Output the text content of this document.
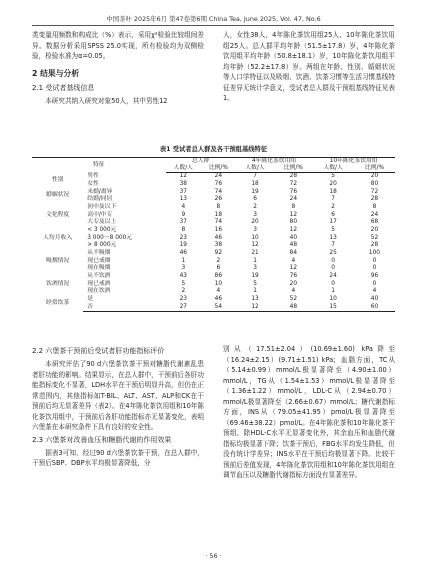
中国茶叶 2025年6月 第47卷第6期 China Tea, June 2025, Vol. 47, No.6

类变量用频数和构成比（%）表示，采用χ²检验比较组间差异。数据分析采用SPSS 25.0实现，所有检验均为双侧检验，检验水准为α=0.05。

2 结果与分析
2.1 受试者基线信息

本研究共纳入研究对象50人，其中男性12

人，女性38人，4年陈化茶饮用组25人、10年陈化茶饮用组25人。总人群平均年龄（51.5±17.8）岁，4年陈化茶饮用组平均年龄（50.8±18.1）岁，10年陈化茶饮用组平均年龄（52.2±17.8）岁。两组在年龄、性别、婚姻状况等人口学特征以及吸烟、饮酒、饮茶习惯等生活习惯基线特征差异无统计学意义，受试者总人群及干预组基线特征见表1。

表1 受试者总人群及各干预组基线特征
特征		总人群		4年陈化茶饮用组		10年陈化茶饮用组	
		人数/人	比例/%	人数/人	比例/%	人数/人	比例/%
性别	男性	12	24	7	28	5	20
	女性	38	76	18	72	20	80
婚姻状况	未婚/离异	37	74	19	76	18	72
	结婚/同居	13	26	6	24	7	28
文化程度	初中及以下	4	8	2	8	2	8
	高中/中专	9	18	3	12	6	24
	大专及以上	37	74	20	80	17	68
人均月收入	< 3 000元	8	16	3	12	5	20
	3 000～8 000元	23	46	10	40	13	52
	> 8 000元	19	38	12	48	7	28
吸烟情况	从不吸烟	46	92	21	84	25	100
	现已戒烟	1	2	1	4	0	0
	现在吸烟	3	6	3	12	0	0
饮酒情况	从不饮酒	43	86	19	76	24	96
	现已戒酒	5	10	5	20	0	0
	现在饮酒	2	4	1	4	1	4
经常饮茶	是	23	46	13	52	10	40
	否	27	54	12	48	15	60
2.2 六堡茶干预前后受试者肝功能指标评价

本研究评估了90 d六堡茶饮茶干预对糖脂代谢紊乱患者肝功能的影响。结果显示，在总人群中，干预前后各肝功能指标变化不显著，LDH水平在干预后明显升高，但仍在正常范围内，其他指标如T-BIL、ALT、AST、ALP和CK在干预前后均无显著差异（表2）。在4年陈化茶饮用组和10年陈化茶饮用组中，干预前后各肝功能指标亦无显著变化，表明六堡茶在本研究条件下具有良好的安全性。

2.3 六堡茶对改善血压和糖脂代谢的作用效果

据表3可知，经过90 d六堡茶饮茶干预，在总人群中，干预后SBP、DBP水平均极显著降低，分

别从（17.51±2.04）(10.69±1.60) kPa降至（16.24±2.15）(9.71±1.51) kPa；血脂方面，TC从（5.14±0.99）mmol/L极显著降至（4.90±1.00）mmol/L，TG从（1.54±1.53）mmol/L极显著降至（1.36±1.22）mmol/L，LDL-C从（2.94±0.70）mmol/L极显著降至（2.66±0.67）mmol/L；糖代谢指标方面，INS从（79.05±41.95）pmol/L极显著降至（69.46±38.22）pmol/L。在4年陈化茶和10年陈化茶干预组，除HDL-C水平无显著变化外，其余血压和血脂代谢指标均极显著下降；饮茶干预后，FBG水平均发生降低，但没有统计学差异；INS水平在干预后均极显著下降。比较干预前后差值发现，4年陈化茶饮用组和10年陈化茶饮用组在调节血压以及糖脂代谢指标方面没有显著差异。

· 56 ·
